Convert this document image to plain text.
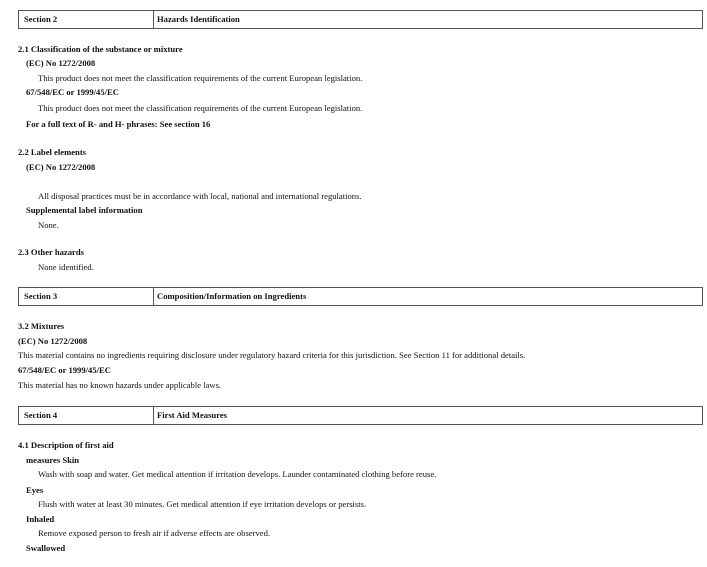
Section 2	Hazards Identification
2.1 Classification of the substance or mixture
(EC) No 1272/2008
This product does not meet the classification requirements of the current European legislation.
67/548/EC or 1999/45/EC
This product does not meet the classification requirements of the current European legislation.
For a full text of R- and H- phrases: See section 16
2.2 Label elements
(EC) No 1272/2008
All disposal practices must be in accordance with local, national and international regulations.
Supplemental label information
None.
2.3 Other hazards
None identified.
Section 3	Composition/Information on Ingredients
3.2 Mixtures
(EC) No 1272/2008
This material contains no ingredients requiring disclosure under regulatory hazard criteria for this jurisdiction. See Section 11 for additional details.
67/548/EC or 1999/45/EC
This material has no known hazards under applicable laws.
Section 4	First Aid Measures
4.1 Description of first aid
measures Skin
Wash with soap and water. Get medical attention if irritation develops. Launder contaminated clothing before reuse.
Eyes
Flush with water at least 30 minutes. Get medical attention if eye irritation develops or persists.
Inhaled
Remove exposed person to fresh air if adverse effects are observed.
Swallowed
